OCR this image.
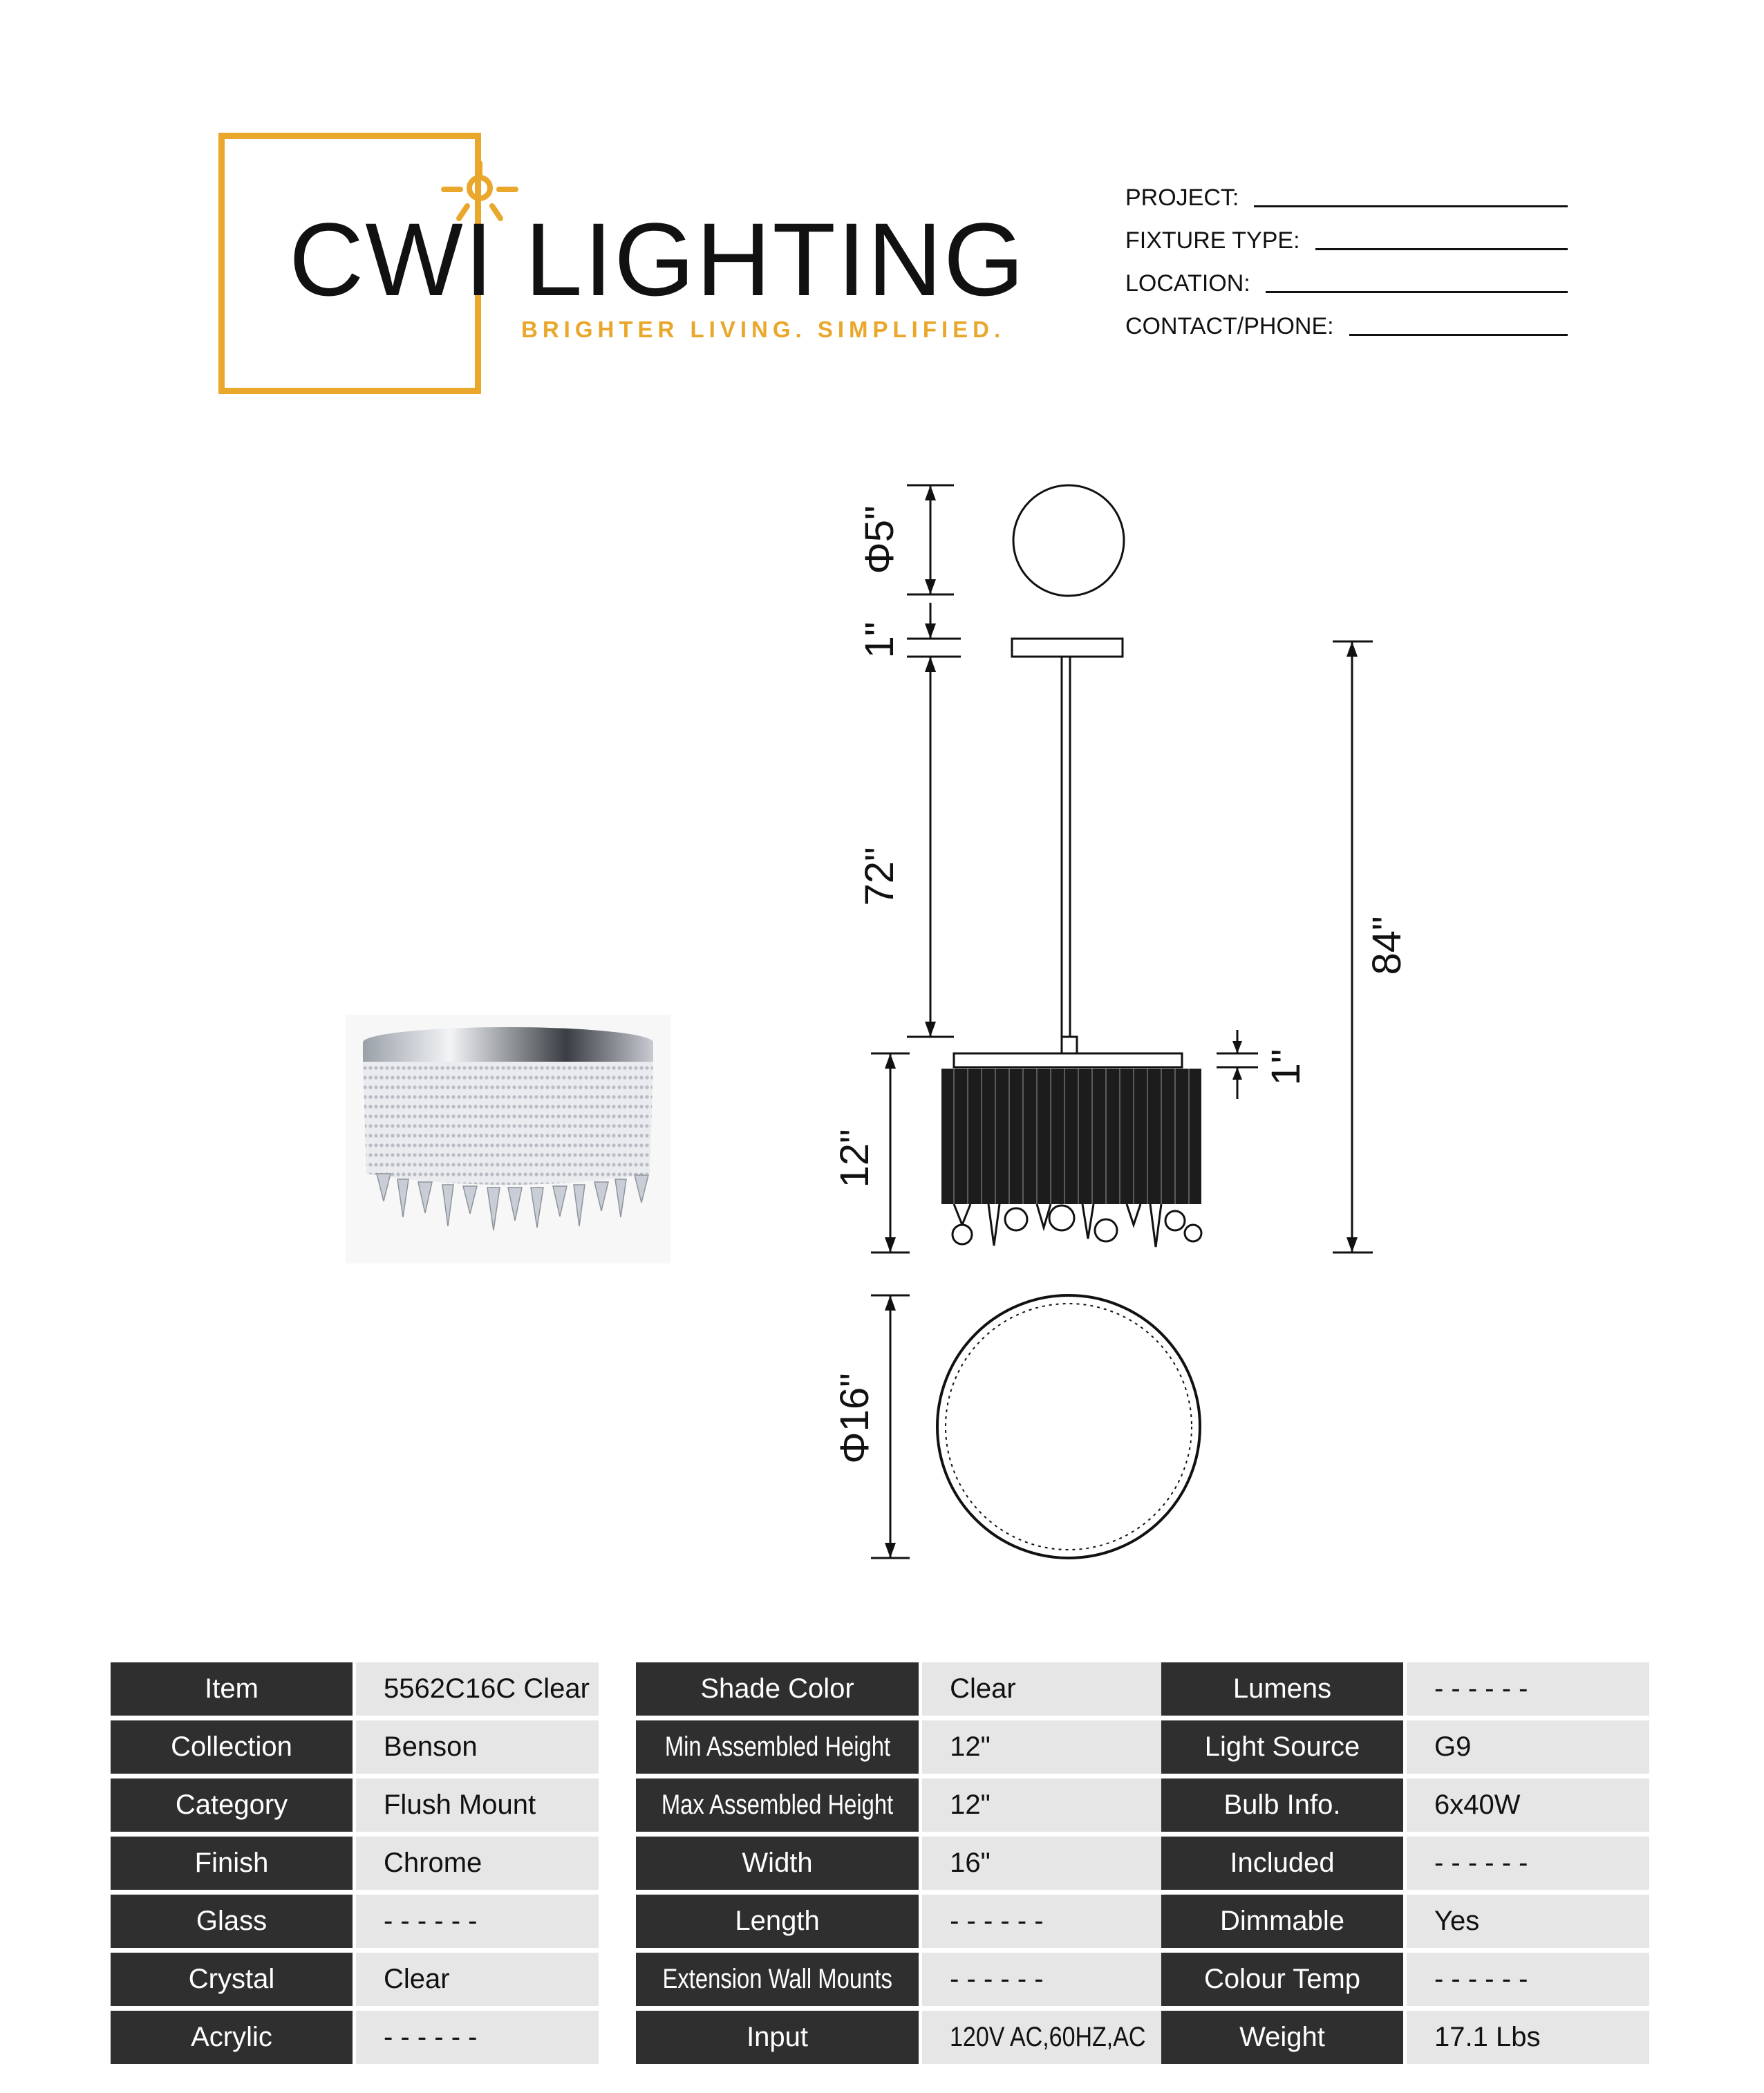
CWI LIGHTING
BRIGHTER LIVING. SIMPLIFIED.
PROJECT:
FIXTURE TYPE:
LOCATION:
CONTACT/PHONE:
Φ5"
1"
72"
84"
12"
1"
Φ16"
Item	5562C16C Clear
Collection	Benson
Category	Flush Mount
Finish	Chrome
Glass	- - - - - -
Crystal	Clear
Acrylic	- - - - - -
Shade Color	Clear
Min Assembled Height	12"
Max Assembled Height	12"
Width	16"
Length	- - - - - -
Extension Wall Mounts	- - - - - -
Input	120V AC,60HZ,AC
Lumens	- - - - - -
Light Source	G9
Bulb Info.	6x40W
Included	- - - - - -
Dimmable	Yes
Colour Temp	- - - - - -
Weight	17.1 Lbs
